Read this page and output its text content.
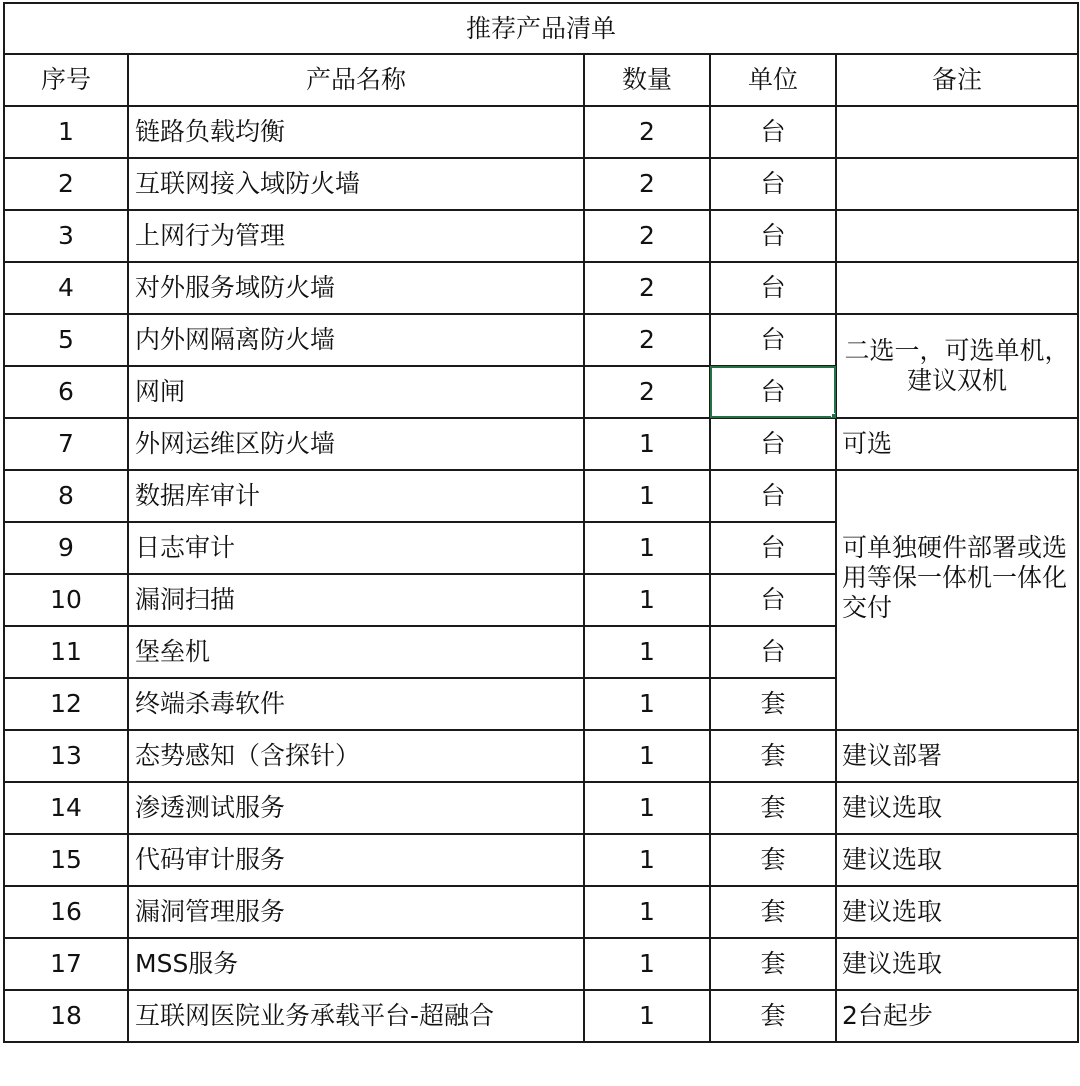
推荐产品清单				
序号	产品名称	数量	单位	备注
1	链路负载均衡	2	台	
2	互联网接入域防火墙	2	台	
3	上网行为管理	2	台	
4	对外服务域防火墙	2	台	
5	内外网隔离防火墙	2	台	二选一，可选单机，建议双机
6	网闸	2	台	

7	外网运维区防火墙	1	台	可选
8	数据库审计	1	台	可单独硬件部署或选用等保一体机一体化交付
9	日志审计	1	台	
10	漏洞扫描	1	台	
11	堡垒机	1	台	
12	终端杀毒软件	1	套	
13	态势感知（含探针）	1	套	建议部署
14	渗透测试服务	1	套	建议选取
15	代码审计服务	1	套	建议选取
16	漏洞管理服务	1	套	建议选取
17	MSS服务	1	套	建议选取
18	互联网医院业务承载平台-超融合	1	套	2台起步
